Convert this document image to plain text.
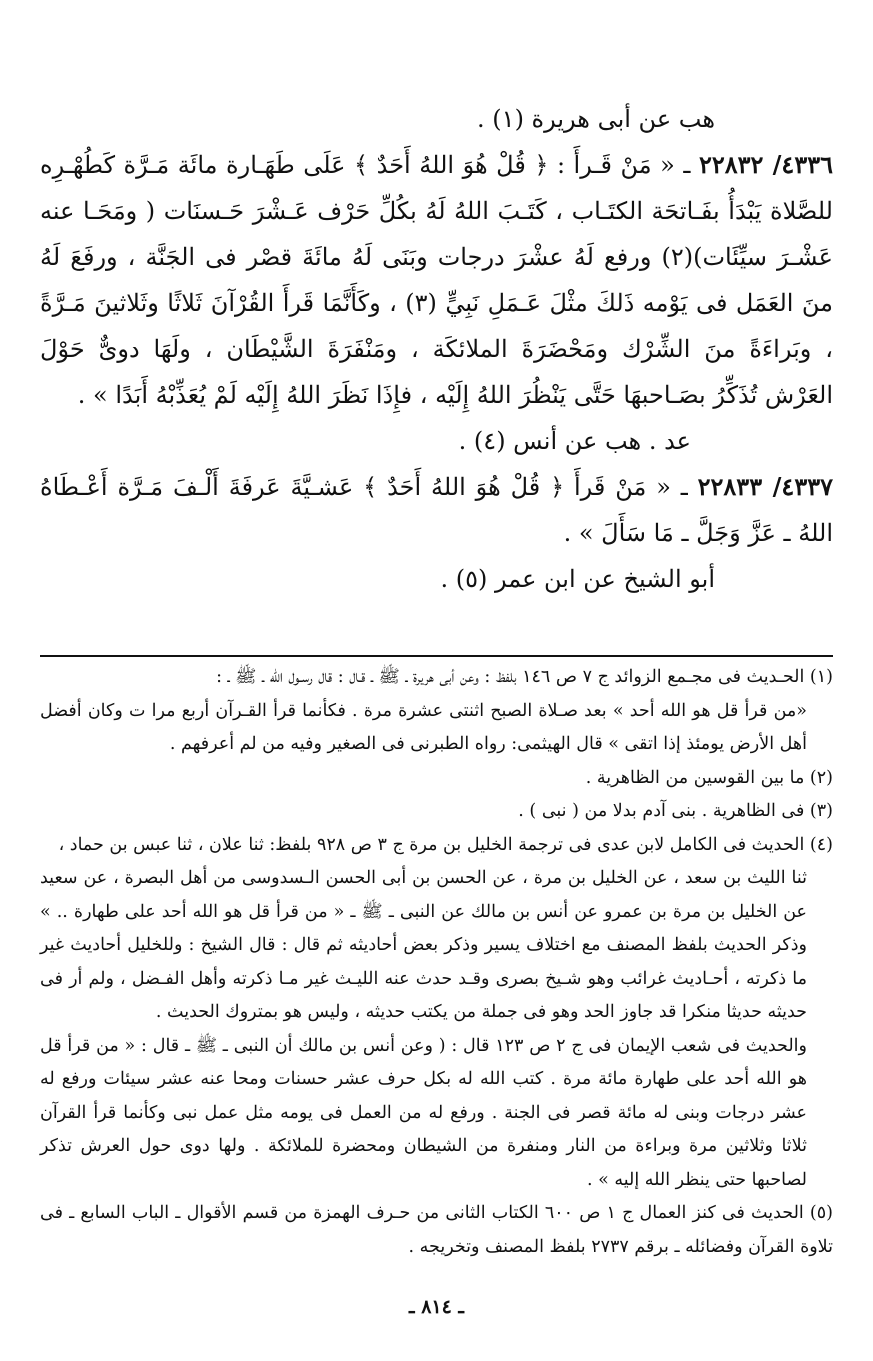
هب عن أبى هريرة (١) .

٤٣٣٦/ ٢٢٨٣٢ ـ « مَنْ قَـرأَ : ﴿ قُلْ هُوَ اللهُ أَحَدٌ ﴾ عَلَى طَهَـارة مائَة مَـرَّة كَطُهْـرِه للصَّلاة يَبْدَأُ بفَـاتحَة الكتَـاب ، كَتَـبَ اللهُ لَهُ بكُلِّ حَرْف عَـشْرَ حَـسنَات ( ومَحَـا عنه عَشْـرَ سيِّئَات)(٢) ورفع لَهُ عشْرَ درجات وبَنَى لَهُ مائَةَ قصْر فى الجَنَّة ، ورفَعَ لَهُ منَ العَمَل فى يَوْمه ذَلكَ مثْلَ عَـمَلِ نَبِيٍّ (٣) ، وكَأَنَّمَا قَرأَ القُرْآنَ ثَلاثًا وثَلاثينَ مَـرَّةً ، وبَراءَةً منَ الشِّرْك ومَحْضَرَةَ الملائكَة ، ومَنْفَرَةَ الشَّيْطَان ، ولَهَا دوىٌّ حَوْلَ العَرْش تُذَكِّرُ بصَـاحبهَا حَتَّى يَنْظُرَ اللهُ إِلَيْه ، فإِذَا نَظَرَ اللهُ إِلَيْه لَمْ يُعَذِّبْهُ أَبَدًا » .

عد . هب عن أنس (٤) .

٤٣٣٧/ ٢٢٨٣٣ ـ « مَنْ قَرأَ ﴿ قُلْ هُوَ اللهُ أَحَدٌ ﴾ عَشـيَّةَ عَرفَةَ أَلْـفَ مَـرَّة أَعْـطَاهُ اللهُ ـ عَزَّ وَجَلَّ ـ مَا سَأَلَ » .

أبو الشيخ عن ابن عمر (٥) .

(١) الحـديث فى مجـمع الزوائد ج ٧ ص ١٤٦ بلفظ : وعن أبى هريرة ـ ﷺ ـ قـال : قال رسـول الله ـ ﷺ ـ :

«من قرأ قل هو الله أحد » بعد صـلاة الصبح اثنتى عشرة مرة . فكأنما قرأ القـرآن أربع مرا ت وكان أفضل أهل الأرض يومئذ إذا اتقى » قال الهيثمى: رواه الطبرنى فى الصغير وفيه من لم أعرفهم .

(٢) ما بين القوسين من الظاهرية .

(٣) فى الظاهرية . بنى آدم بدلا من ( نبى ) .

(٤) الحديث فى الكامل لابن عدى فى ترجمة الخليل بن مرة ج ٣ ص ٩٢٨ بلفظ: ثنا علان ، ثنا عبس بن حماد ،

ثنا الليث بن سعد ، عن الخليل بن مرة ، عن الحسن بن أبى الحسن الـسدوسى من أهل البصرة ، عن سعيد عن الخليل بن مرة بن عمرو عن أنس بن مالك عن النبى ـ ﷺ ـ « من قرأ قل هو الله أحد على طهارة .. » وذكر الحديث بلفظ المصنف مع اختلاف يسير وذكر بعض أحاديثه ثم قال : قال الشيخ : وللخليل أحاديث غير ما ذكرته ، أحـاديث غرائب وهو شـيخ بصرى وقـد حدث عنه الليـث غير مـا ذكرته وأهل الفـضل ، ولم أر فى حديثه حديثا منكرا قد جاوز الحد وهو فى جملة من يكتب حديثه ، وليس هو بمتروك الحديث .

والحديث فى شعب الإيمان فى ج ٢ ص ١٢٣ قال : ( وعن أنس بن مالك أن النبى ـ ﷺ ـ قال : « من قرأ قل هو الله أحد على طهارة مائة مرة . كتب الله له بكل حرف عشر حسنات ومحا عنه عشر سيئات ورفع له عشر درجات وبنى له مائة قصر فى الجنة . ورفع له من العمل فى يومه مثل عمل نبى وكأنما قرأ القرآن ثلاثا وثلاثين مرة وبراءة من النار ومنفرة من الشيطان ومحضرة للملائكة . ولها دوى حول العرش تذكر لصاحبها حتى ينظر الله إليه » .

(٥) الحديث فى كنز العمال ج ١ ص ٦٠٠ الكتاب الثانى من حـرف الهمزة من قسم الأقوال ـ الباب السابع ـ فى تلاوة القرآن وفضائله ـ برقم ٢٧٣٧ بلفظ المصنف وتخريجه .

ـ ٨١٤ ـ
